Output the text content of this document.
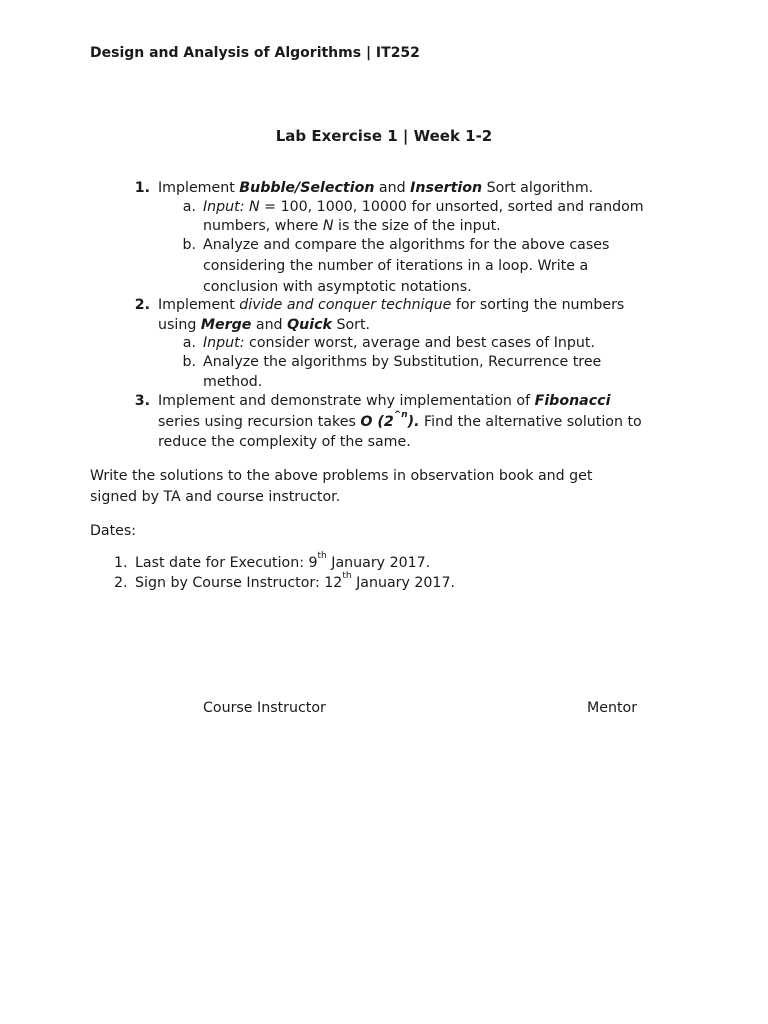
Design and Analysis of Algorithms | IT252
Lab Exercise 1 | Week 1-2
1. Implement Bubble/Selection and Insertion Sort algorithm.
a. Input: N = 100, 1000, 10000 for unsorted, sorted and random
numbers, where N is the size of the input.
b. Analyze and compare the algorithms for the above cases
considering the number of iterations in a loop. Write a
conclusion with asymptotic notations.
2. Implement divide and conquer technique for sorting the numbers
using Merge and Quick Sort.
a. Input: consider worst, average and best cases of Input.
b. Analyze the algorithms by Substitution, Recurrence tree
method.
3. Implement and demonstrate why implementation of Fibonacci
series using recursion takes O $(2^{\^{}n})$. Find the alternative solution to
reduce the complexity of the same.
Write the solutions to the above problems in observation book and get
signed by TA and course instructor.
Dates:
1. Last date for Execution: 9th January 2017.
2. Sign by Course Instructor: 12th January 2017.
Course Instructor	Mentor
